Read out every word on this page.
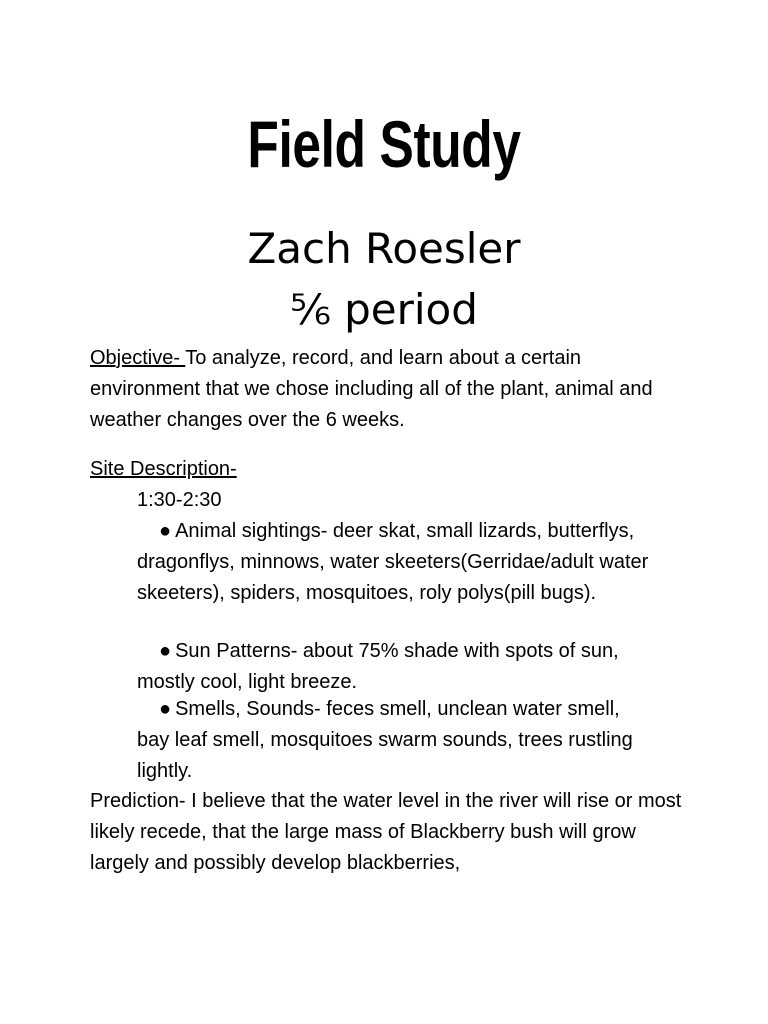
Field Study
Zach Roesler
⅚ period
Objective- To analyze, record, and learn about a certain environment that we chose including all of the plant, animal and weather changes over the 6 weeks.
Site Description-
1:30-2:30
● Animal sightings- deer skat, small lizards, butterflys, dragonflys, minnows, water skeeters(Gerridae/adult water skeeters), spiders, mosquitoes, roly polys(pill bugs).
● Sun Patterns- about 75% shade with spots of sun, mostly cool, light breeze.
● Smells, Sounds- feces smell, unclean water smell, bay leaf smell, mosquitoes swarm sounds, trees rustling lightly.
Prediction- I believe that the water level in the river will rise or most likely recede, that the large mass of Blackberry bush will grow largely and possibly develop blackberries,
